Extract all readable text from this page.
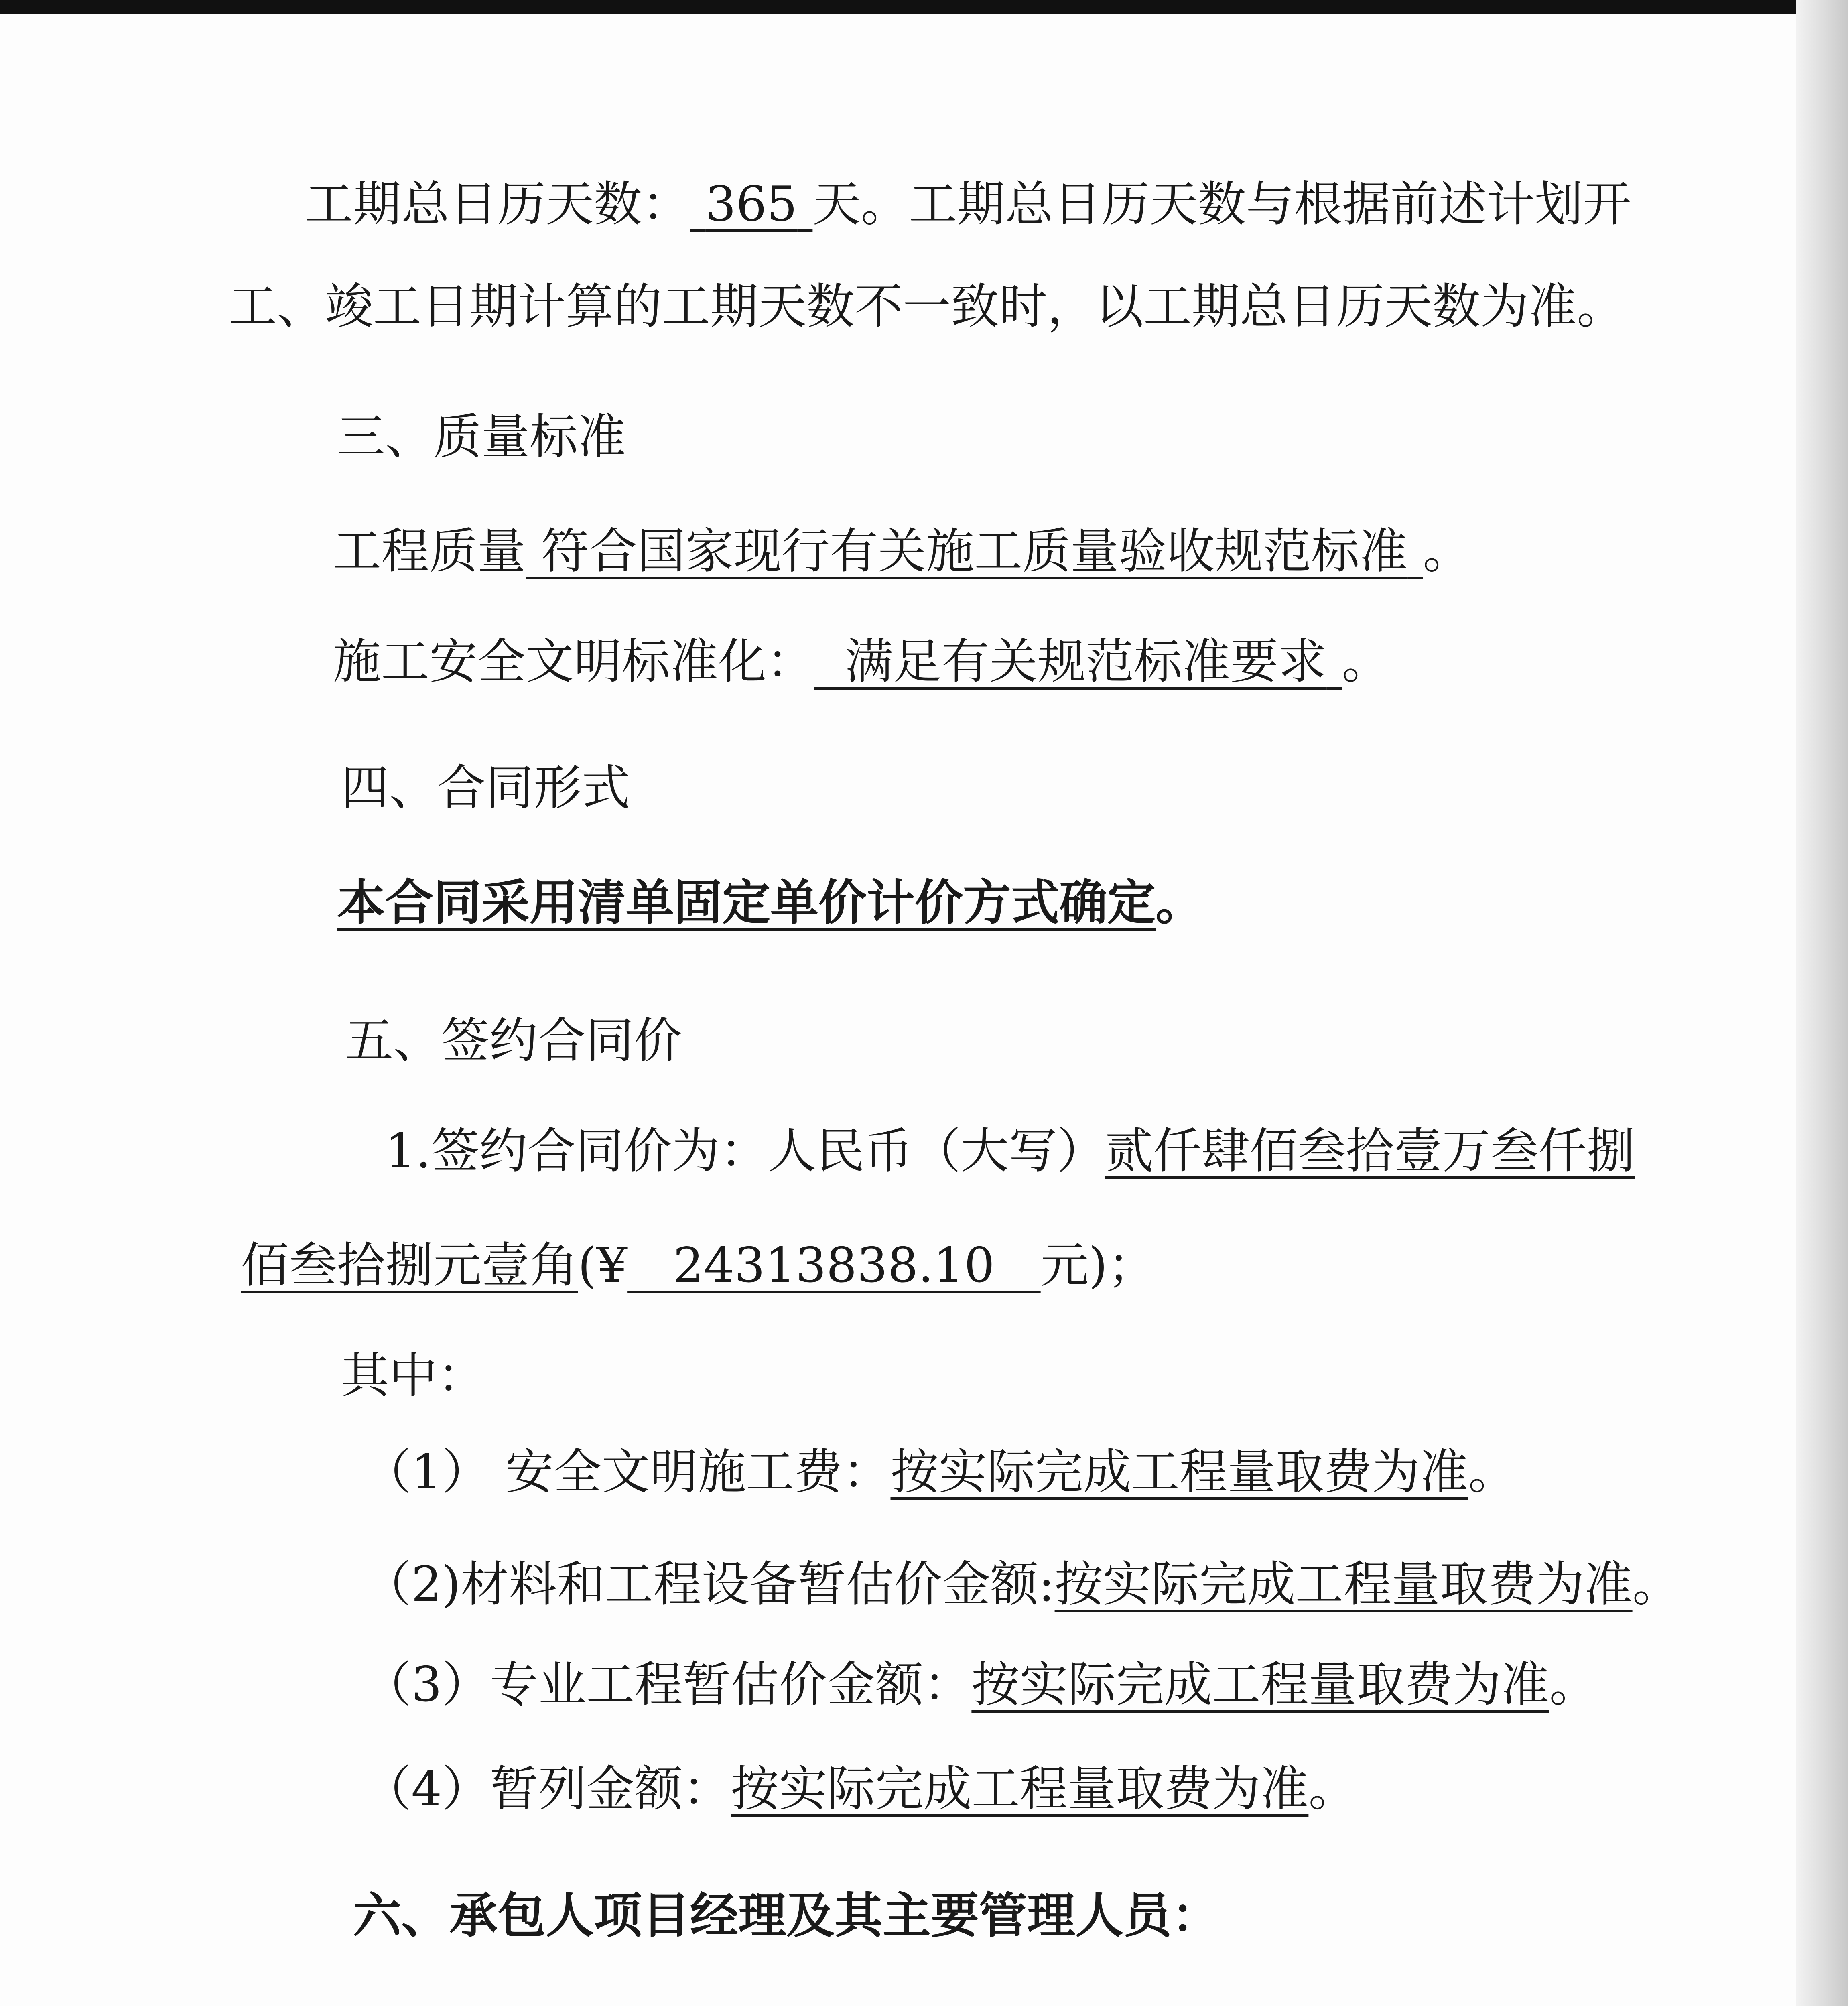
工期总日历天数： 365 天。工期总日历天数与根据前述计划开
工、竣工日期计算的工期天数不一致时，以工期总日历天数为准。
三、质量标准
工程质量 符合国家现行有关施工质量验收规范标准 。
施工安全文明标准化： 满足有关规范标准要求 。
四、合同形式
本合同采用清单固定单价计价方式确定。
五、签约合同价
1.签约合同价为：人民币（大写）贰仟肆佰叁拾壹万叁仟捌
佰叁拾捌元壹角(¥ 24313838.10 元)；
其中：
（1） 安全文明施工费：按实际完成工程量取费为准。
（2)材料和工程设备暂估价金额:按实际完成工程量取费为准。
（3）专业工程暂估价金额：按实际完成工程量取费为准。
（4）暂列金额：按实际完成工程量取费为准。
六、承包人项目经理及其主要管理人员：
